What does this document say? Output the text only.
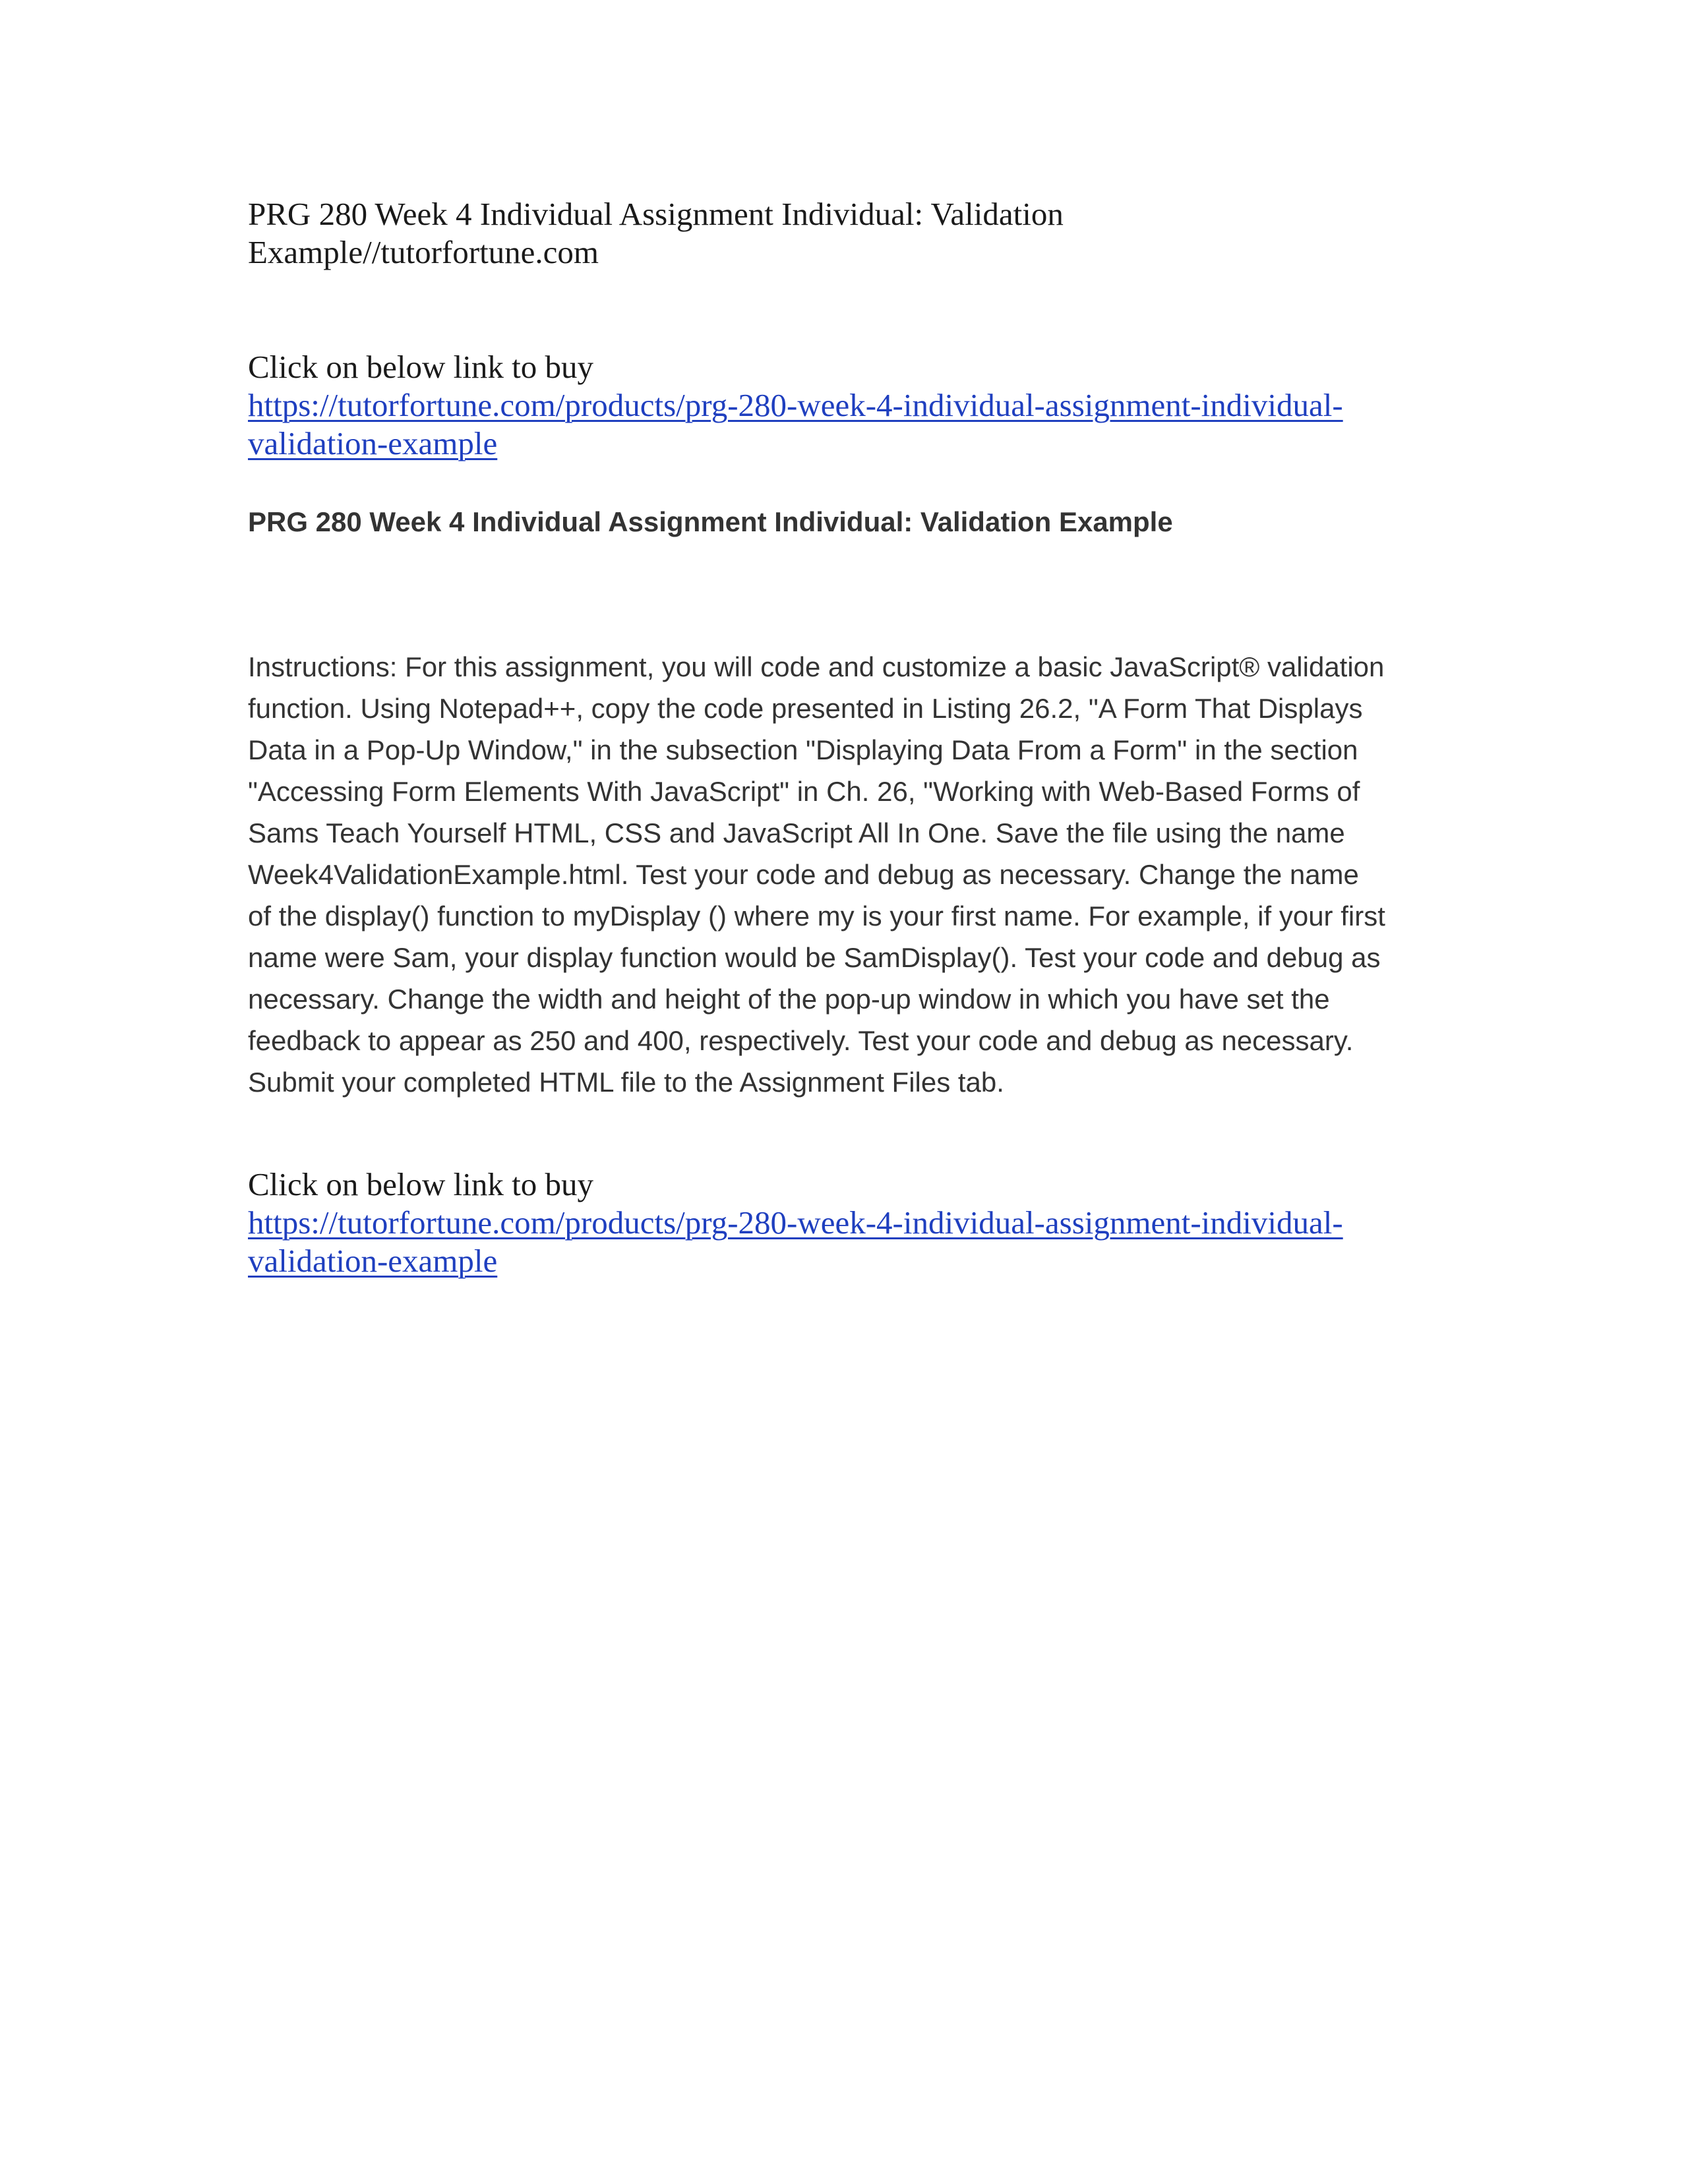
PRG 280 Week 4 Individual Assignment Individual: Validation
Example//tutorfortune.com
Click on below link to buy
https://tutorfortune.com/products/prg-280-week-4-individual-assignment-individual-
validation-example
PRG 280 Week 4 Individual Assignment Individual: Validation Example

Instructions: For this assignment, you will code and customize a basic JavaScript® validation
function. Using Notepad++, copy the code presented in Listing 26.2, "A Form That Displays
Data in a Pop-Up Window," in the subsection "Displaying Data From a Form" in the section
"Accessing Form Elements With JavaScript" in Ch. 26, "Working with Web-Based Forms of
Sams Teach Yourself HTML, CSS and JavaScript All In One. Save the file using the name
Week4ValidationExample.html. Test your code and debug as necessary. Change the name
of the display() function to myDisplay () where my is your first name. For example, if your first
name were Sam, your display function would be SamDisplay(). Test your code and debug as
necessary. Change the width and height of the pop-up window in which you have set the
feedback to appear as 250 and 400, respectively. Test your code and debug as necessary.
Submit your completed HTML file to the Assignment Files tab.

Click on below link to buy
https://tutorfortune.com/products/prg-280-week-4-individual-assignment-individual-
validation-example
